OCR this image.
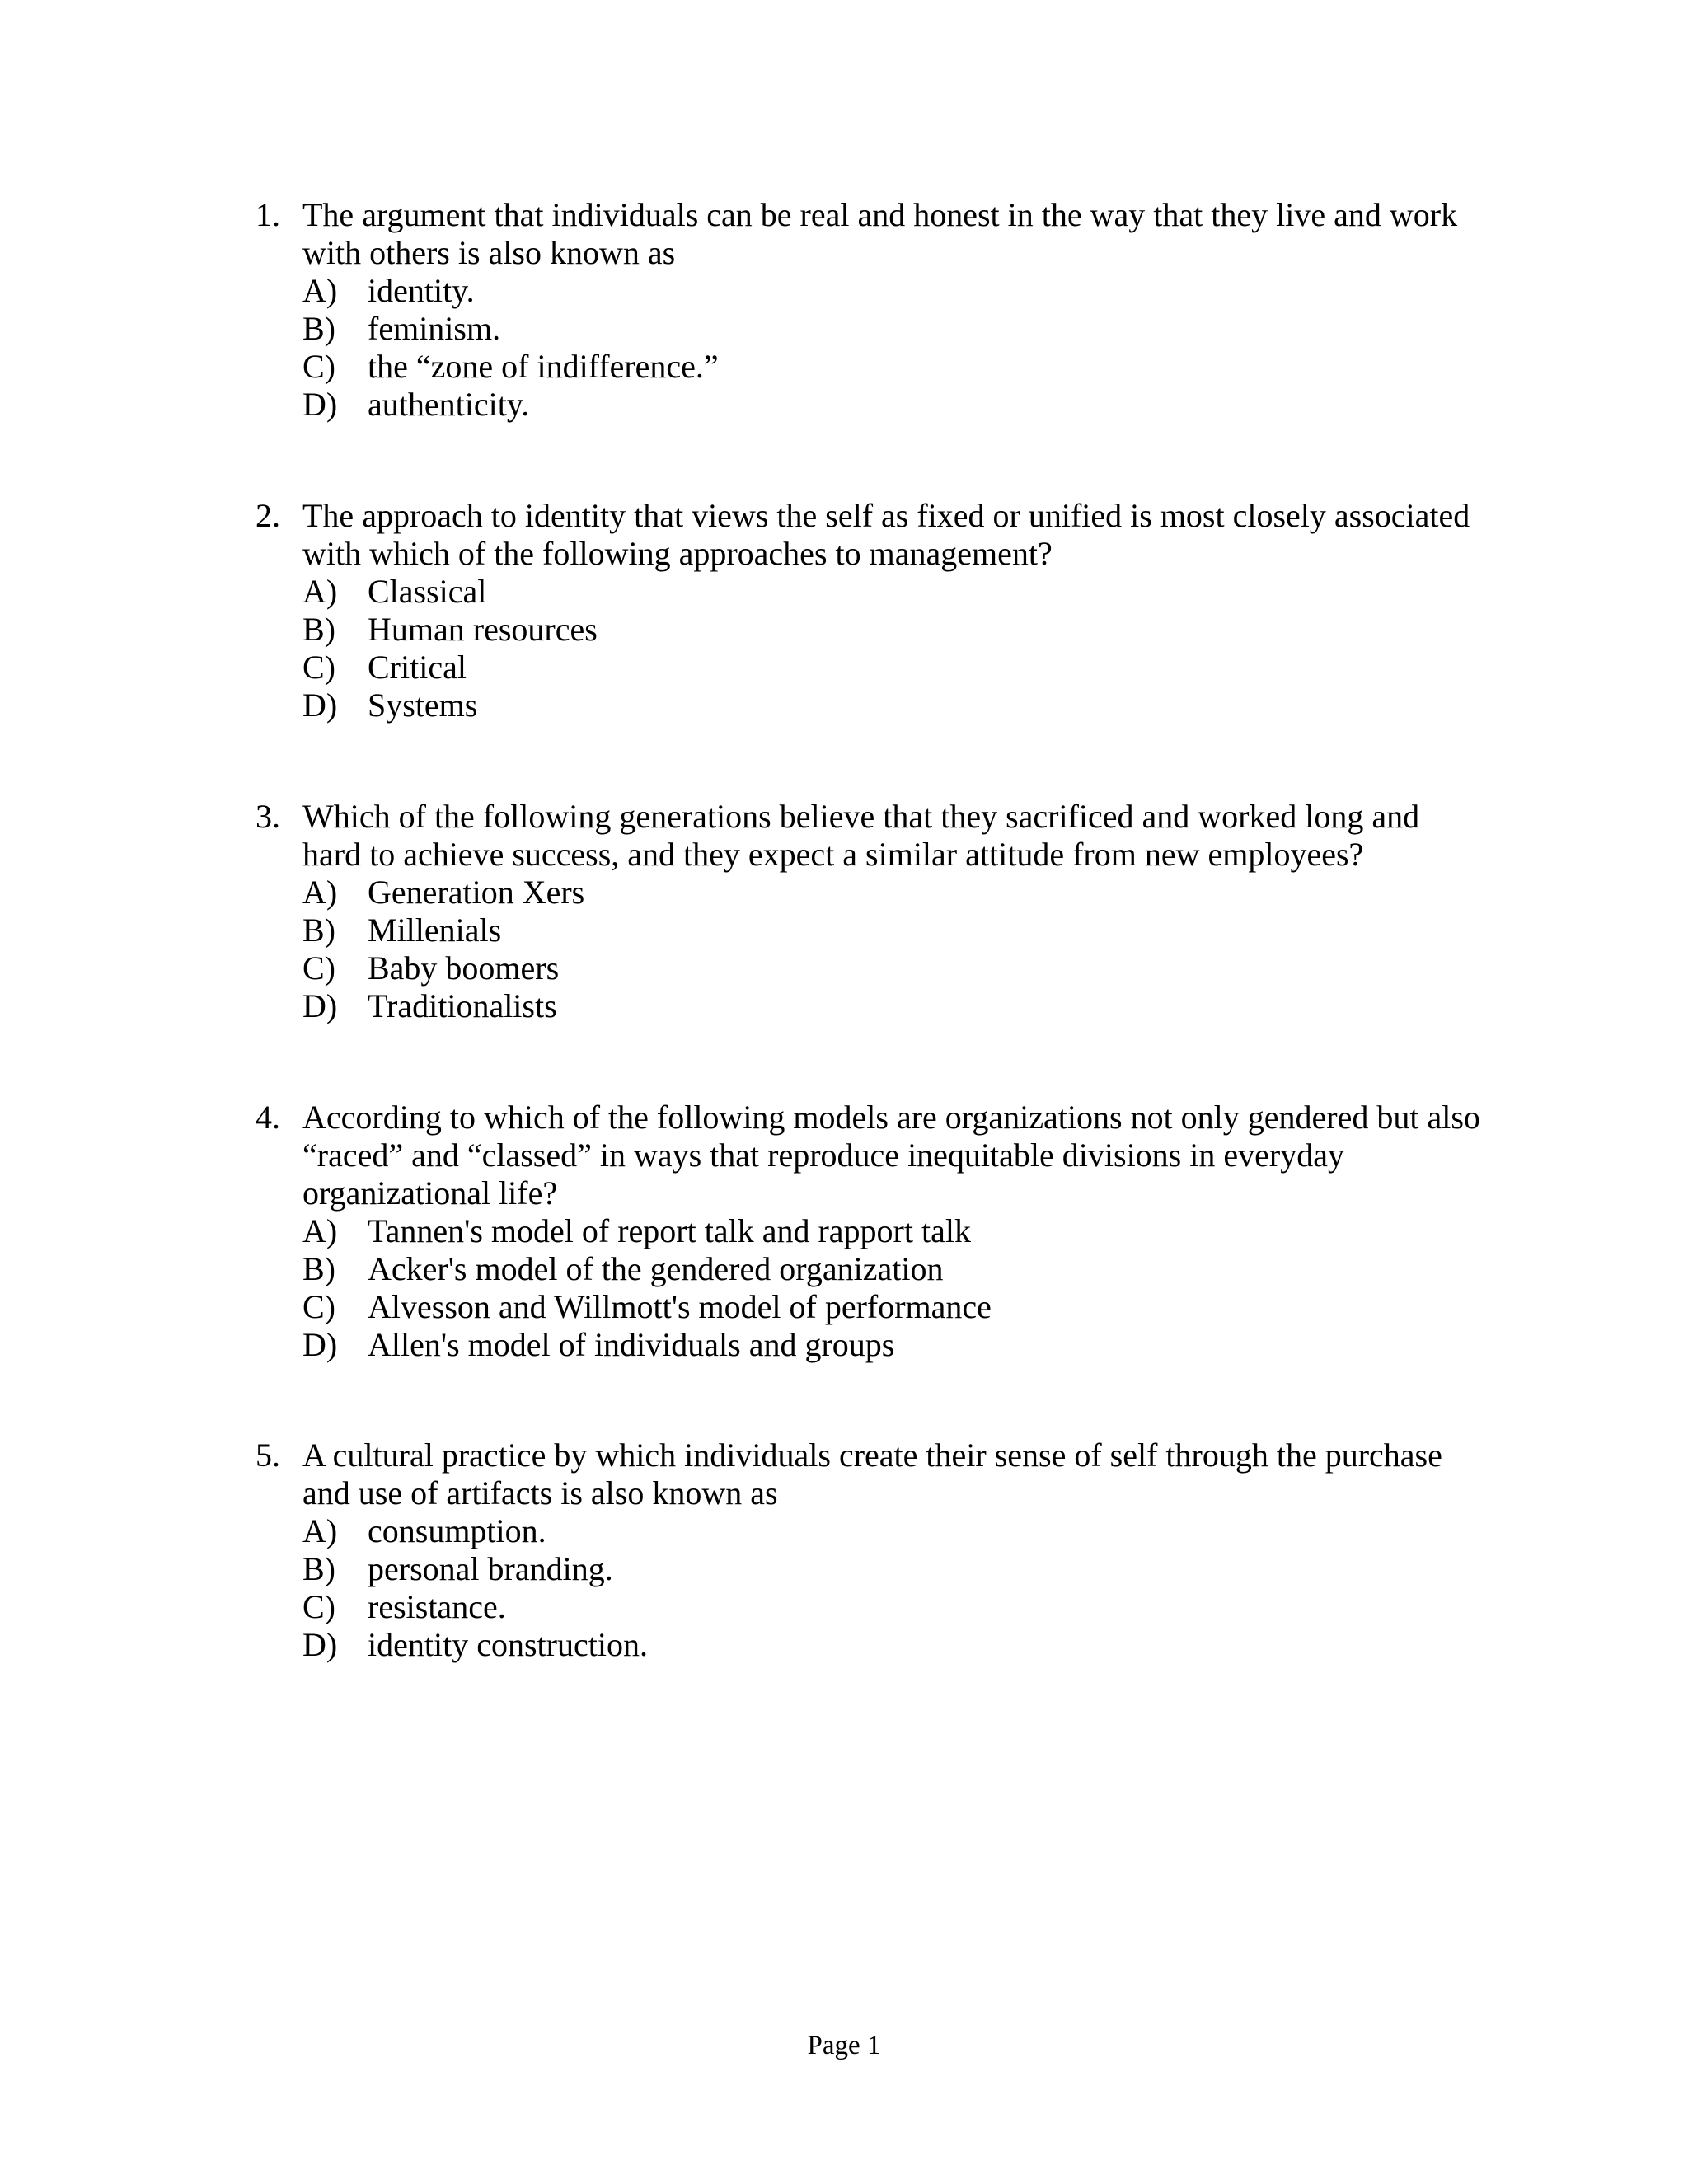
1. The argument that individuals can be real and honest in the way that they live and work with others is also known as
A) identity.
B) feminism.
C) the “zone of indifference.”
D) authenticity.
2. The approach to identity that views the self as fixed or unified is most closely associated with which of the following approaches to management?
A) Classical
B) Human resources
C) Critical
D) Systems
3. Which of the following generations believe that they sacrificed and worked long and hard to achieve success, and they expect a similar attitude from new employees?
A) Generation Xers
B) Millenials
C) Baby boomers
D) Traditionalists
4. According to which of the following models are organizations not only gendered but also “raced” and “classed” in ways that reproduce inequitable divisions in everyday organizational life?
A) Tannen's model of report talk and rapport talk
B) Acker's model of the gendered organization
C) Alvesson and Willmott's model of performance
D) Allen's model of individuals and groups
5. A cultural practice by which individuals create their sense of self through the purchase and use of artifacts is also known as
A) consumption.
B) personal branding.
C) resistance.
D) identity construction.
Page 1
